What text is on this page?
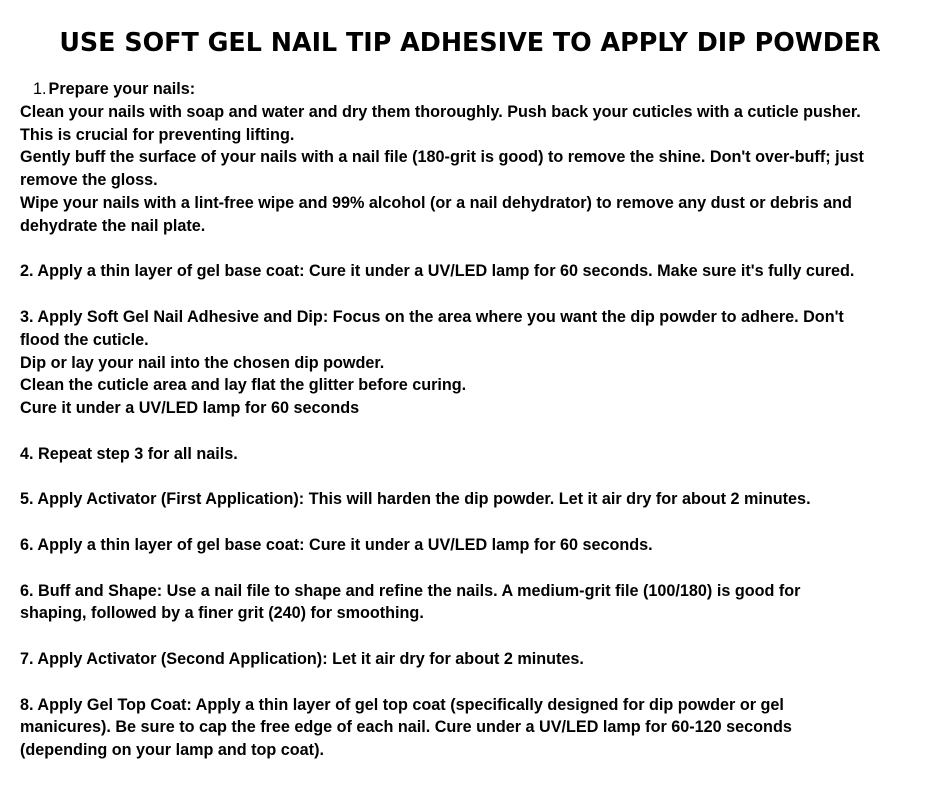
USE SOFT GEL NAIL TIP ADHESIVE TO APPLY DIP POWDER
1. Prepare your nails:
Clean your nails with soap and water and dry them thoroughly. Push back your cuticles with a cuticle pusher.
This is crucial for preventing lifting.
Gently buff the surface of your nails with a nail file (180-grit is good) to remove the shine. Don't over-buff; just
remove the gloss.
Wipe your nails with a lint-free wipe and 99% alcohol (or a nail dehydrator) to remove any dust or debris and
dehydrate the nail plate.
2. Apply a thin layer of gel base coat: Cure it under a UV/LED lamp for 60 seconds. Make sure it's fully cured.
3. Apply Soft Gel Nail Adhesive and Dip: Focus on the area where you want the dip powder to adhere. Don't
flood the cuticle.
Dip or lay your nail into the chosen dip powder.
Clean the cuticle area and lay flat the glitter before curing.
Cure it under a UV/LED lamp for 60 seconds
4. Repeat step 3 for all nails.
5. Apply Activator (First Application): This will harden the dip powder. Let it air dry for about 2 minutes.
6. Apply a thin layer of gel base coat: Cure it under a UV/LED lamp for 60 seconds.
6. Buff and Shape: Use a nail file to shape and refine the nails. A medium-grit file (100/180) is good for
shaping, followed by a finer grit (240) for smoothing.
7. Apply Activator (Second Application): Let it air dry for about 2 minutes.
8. Apply Gel Top Coat: Apply a thin layer of gel top coat (specifically designed for dip powder or gel
manicures). Be sure to cap the free edge of each nail. Cure under a UV/LED lamp for 60-120 seconds
(depending on your lamp and top coat).
